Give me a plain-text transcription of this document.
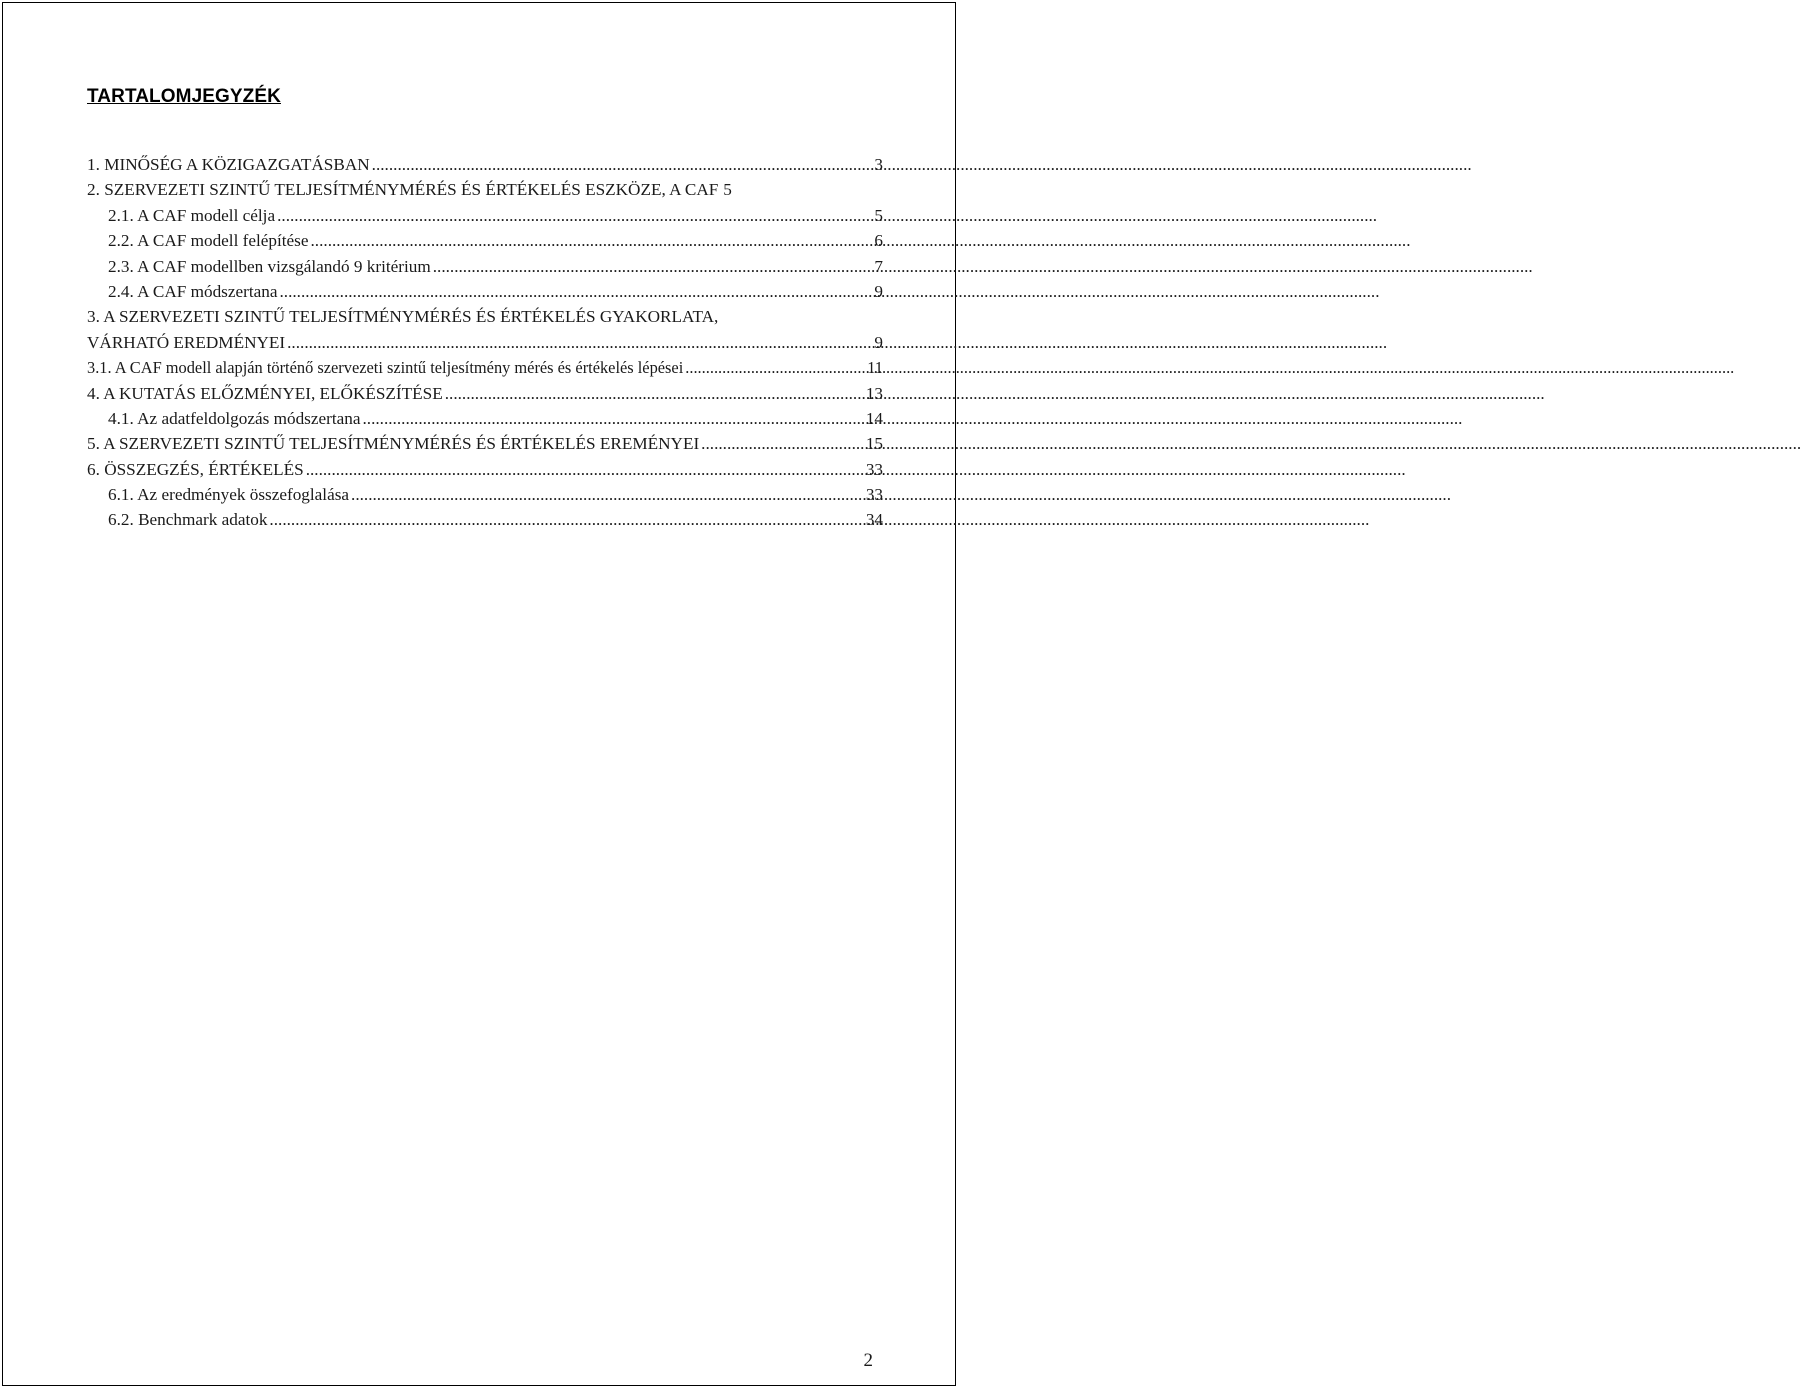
TARTALOMJEGYZÉK
1. MINŐSÉG A KÖZIGAZGATÁSBAN .....	3
2. SZERVEZETI SZINTŰ TELJESÍTMÉNYMÉRÉS ÉS ÉRTÉKELÉS ESZKÖZE, A CAF 5
2.1. A CAF modell célja .....	5
2.2. A CAF modell felépítése .....	6
2.3. A CAF modellben vizsgálandó 9 kritérium .....	7
2.4. A CAF módszertana .....	9
3. A SZERVEZETI SZINTŰ TELJESÍTMÉNYMÉRÉS ÉS ÉRTÉKELÉS GYAKORLATA,
VÁRHATÓ EREDMÉNYEI .....	9
3.1. A CAF modell alapján történő szervezeti szintű teljesítmény mérés és értékelés lépései .....	11
4. A KUTATÁS ELŐZMÉNYEI, ELŐKÉSZÍTÉSE .....	13
4.1. Az adatfeldolgozás módszertana .....	14
5. A SZERVEZETI SZINTŰ TELJESÍTMÉNYMÉRÉS ÉS ÉRTÉKELÉS EREMÉNYEI .....	15
6. ÖSSZEGZÉS, ÉRTÉKELÉS .....	33
6.1. Az eredmények összefoglalása .....	33
6.2. Benchmark adatok .....	34
2
